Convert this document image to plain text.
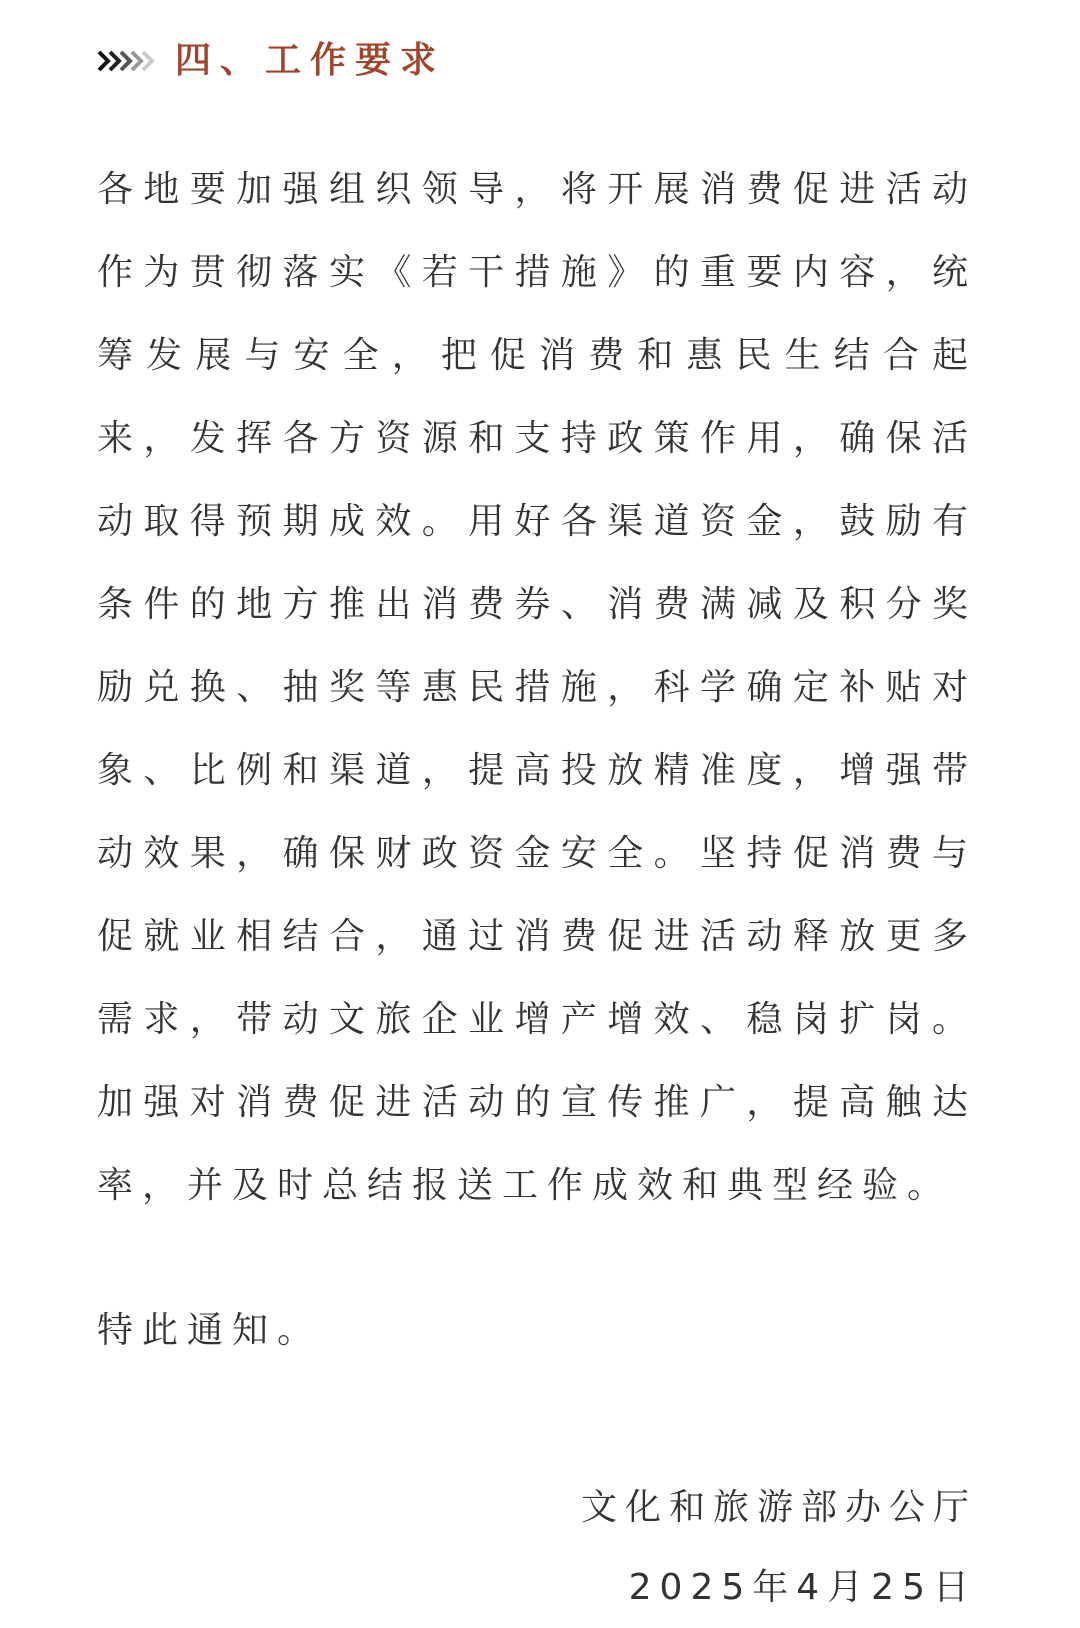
四、工作要求

各地要加强组织领导，将开展消费促进活动作为贯彻落实《若干措施》的重要内容，统筹发展与安全，把促消费和惠民生结合起来，发挥各方资源和支持政策作用，确保活动取得预期成效。用好各渠道资金，鼓励有条件的地方推出消费券、消费满减及积分奖励兑换、抽奖等惠民措施，科学确定补贴对象、比例和渠道，提高投放精准度，增强带动效果，确保财政资金安全。坚持促消费与促就业相结合，通过消费促进活动释放更多需求，带动文旅企业增产增效、稳岗扩岗。加强对消费促进活动的宣传推广，提高触达率，并及时总结报送工作成效和典型经验。

特此通知。

文化和旅游部办公厅
2025年4月25日
